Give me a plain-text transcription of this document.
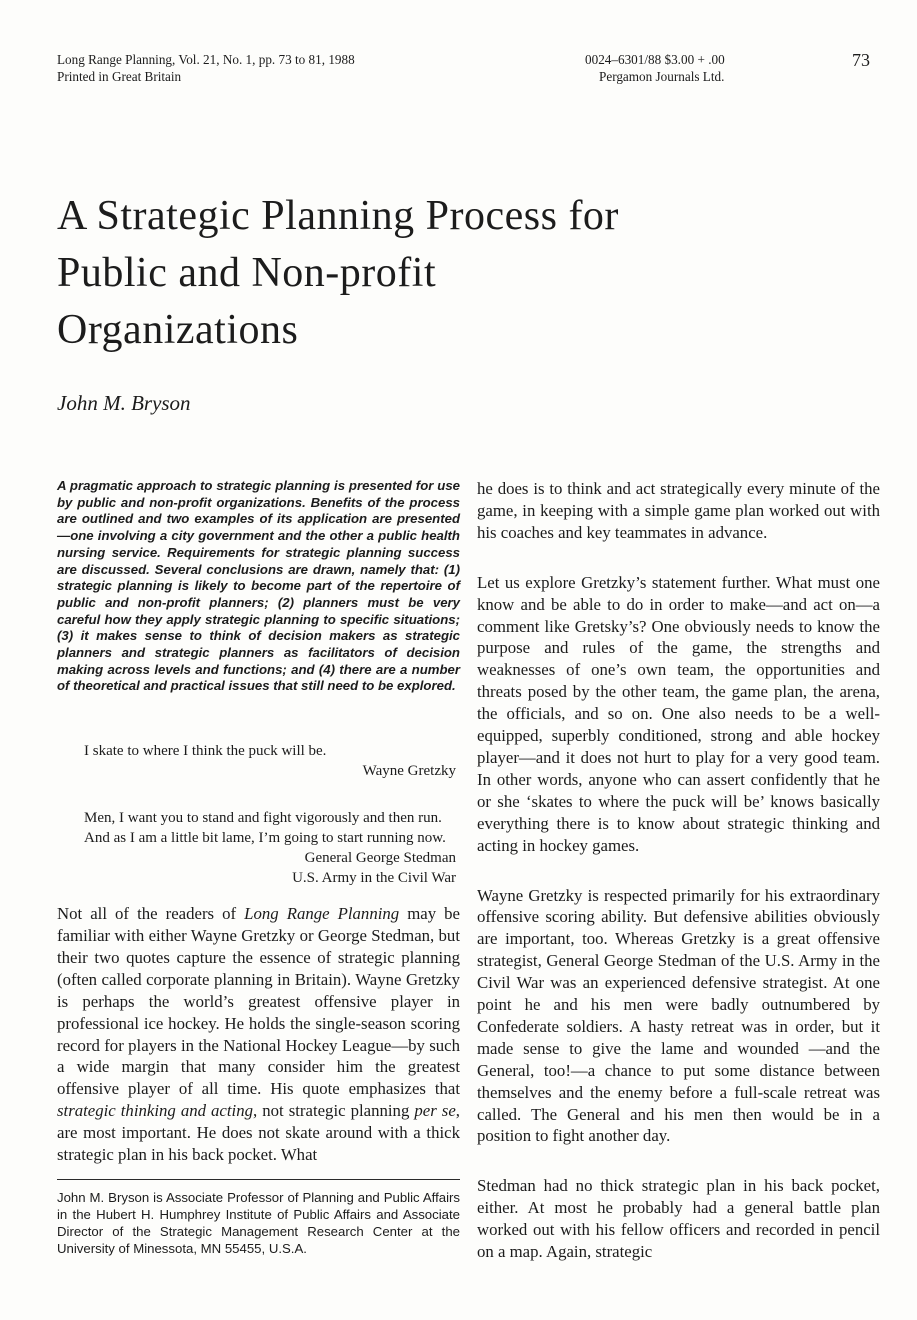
Long Range Planning, Vol. 21, No. 1, pp. 73 to 81, 1988
Printed in Great Britain
0024–6301/88 $3.00 + .00
Pergamon Journals Ltd.
73
A Strategic Planning Process for
Public and Non-profit
Organizations
John M. Bryson

A pragmatic approach to strategic planning is presented for use by public and non-profit organizations. Benefits of the process are outlined and two examples of its application are presented—one involving a city government and the other a public health nursing service. Requirements for strategic planning success are discussed. Several conclusions are drawn, namely that: (1) strategic planning is likely to become part of the repertoire of public and non-profit planners; (2) planners must be very careful how they apply strategic planning to specific situations; (3) it makes sense to think of decision makers as strategic planners and strategic planners as facilitators of decision making across levels and functions; and (4) there are a number of theoretical and practical issues that still need to be explored.

I skate to where I think the puck will be.
Wayne Gretzky
Men, I want you to stand and fight vigorously and then run. And as I am a little bit lame, I’m going to start running now.
General George Stedman
U.S. Army in the Civil War

Not all of the readers of Long Range Planning may be familiar with either Wayne Gretzky or George Stedman, but their two quotes capture the essence of strategic planning (often called corporate planning in Britain). Wayne Gretzky is perhaps the world’s greatest offensive player in professional ice hockey. He holds the single-season scoring record for players in the National Hockey League—by such a wide margin that many consider him the greatest offensive player of all time. His quote emphasizes that strategic thinking and acting, not strategic planning per se, are most important. He does not skate around with a thick strategic plan in his back pocket. What

John M. Bryson is Associate Professor of Planning and Public Affairs in the Hubert H. Humphrey Institute of Public Affairs and Associate Director of the Strategic Management Research Center at the University of Minessota, MN 55455, U.S.A.

he does is to think and act strategically every minute of the game, in keeping with a simple game plan worked out with his coaches and key teammates in advance.

Let us explore Gretzky’s statement further. What must one know and be able to do in order to make—and act on—a comment like Gretsky’s? One obviously needs to know the purpose and rules of the game, the strengths and weaknesses of one’s own team, the opportunities and threats posed by the other team, the game plan, the arena, the officials, and so on. One also needs to be a well-equipped, superbly conditioned, strong and able hockey player—and it does not hurt to play for a very good team. In other words, anyone who can assert confidently that he or she ‘skates to where the puck will be’ knows basically everything there is to know about strategic thinking and acting in hockey games.

Wayne Gretzky is respected primarily for his extraordinary offensive scoring ability. But defensive abilities obviously are important, too. Whereas Gretzky is a great offensive strategist, General George Stedman of the U.S. Army in the Civil War was an experienced defensive strategist. At one point he and his men were badly outnumbered by Confederate soldiers. A hasty retreat was in order, but it made sense to give the lame and wounded —and the General, too!—a chance to put some distance between themselves and the enemy before a full-scale retreat was called. The General and his men then would be in a position to fight another day.

Stedman had no thick strategic plan in his back pocket, either. At most he probably had a general battle plan worked out with his fellow officers and recorded in pencil on a map. Again, strategic
